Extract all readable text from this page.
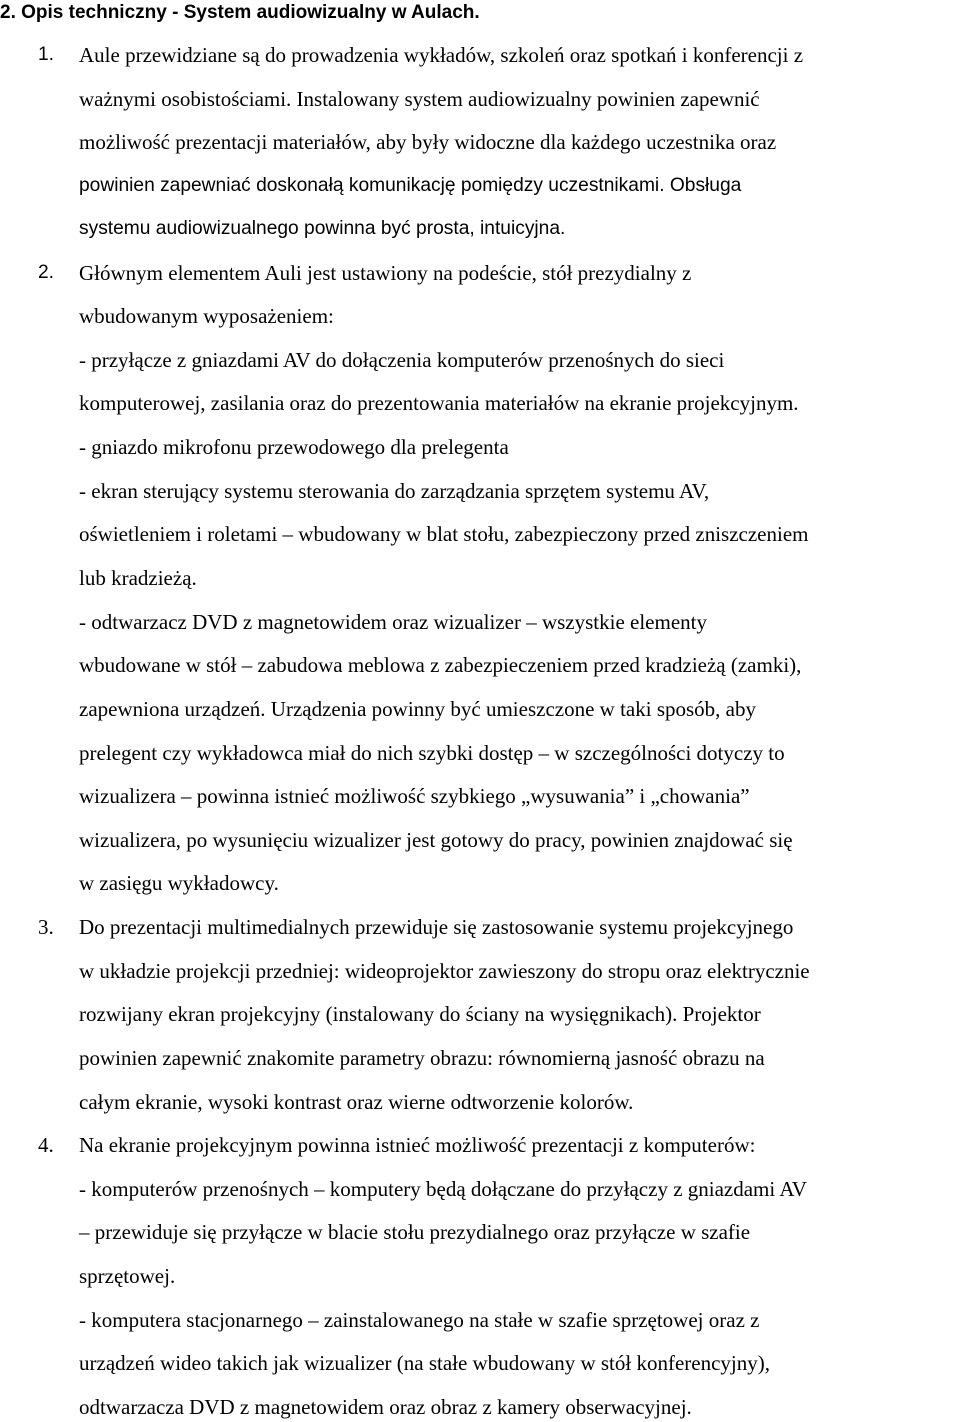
2. Opis techniczny - System audiowizualny w Aulach.
1. Aule przewidziane są do prowadzenia wykładów, szkoleń oraz spotkań i konferencji z
ważnymi osobistościami. Instalowany system audiowizualny powinien zapewnić
możliwość prezentacji materiałów, aby były widoczne dla każdego uczestnika oraz
powinien zapewniać doskonałą komunikację pomiędzy uczestnikami. Obsługa
systemu audiowizualnego powinna być prosta, intuicyjna.
2. Głównym elementem Auli jest ustawiony na podeście, stół prezydialny z
wbudowanym wyposażeniem:
- przyłącze z gniazdami AV do dołączenia komputerów przenośnych do sieci
komputerowej, zasilania oraz do prezentowania materiałów na ekranie projekcyjnym.
- gniazdo mikrofonu przewodowego dla prelegenta
- ekran sterujący systemu sterowania do zarządzania sprzętem systemu AV,
oświetleniem i roletami – wbudowany w blat stołu, zabezpieczony przed zniszczeniem
lub kradzieżą.
- odtwarzacz DVD z magnetowidem oraz wizualizer – wszystkie elementy
wbudowane w stół – zabudowa meblowa z zabezpieczeniem przed kradzieżą (zamki),
zapewniona urządzeń. Urządzenia powinny być umieszczone w taki sposób, aby
prelegent czy wykładowca miał do nich szybki dostęp – w szczególności dotyczy to
wizualizera – powinna istnieć możliwość szybkiego „wysuwania” i „chowania”
wizualizera, po wysunięciu wizualizer jest gotowy do pracy, powinien znajdować się
w zasięgu wykładowcy.
3. Do prezentacji multimedialnych przewiduje się zastosowanie systemu projekcyjnego
w układzie projekcji przedniej: wideoprojektor zawieszony do stropu oraz elektrycznie
rozwijany ekran projekcyjny (instalowany do ściany na wysięgnikach). Projektor
powinien zapewnić znakomite parametry obrazu: równomierną jasność obrazu na
całym ekranie, wysoki kontrast oraz wierne odtworzenie kolorów.
4. Na ekranie projekcyjnym powinna istnieć możliwość prezentacji z komputerów:
- komputerów przenośnych – komputery będą dołączane do przyłączy z gniazdami AV
– przewiduje się przyłącze w blacie stołu prezydialnego oraz przyłącze w szafie
sprzętowej.
- komputera stacjonarnego – zainstalowanego na stałe w szafie sprzętowej oraz z
urządzeń wideo takich jak wizualizer (na stałe wbudowany w stół konferencyjny),
odtwarzacza DVD z magnetowidem oraz obraz z kamery obserwacyjnej.
